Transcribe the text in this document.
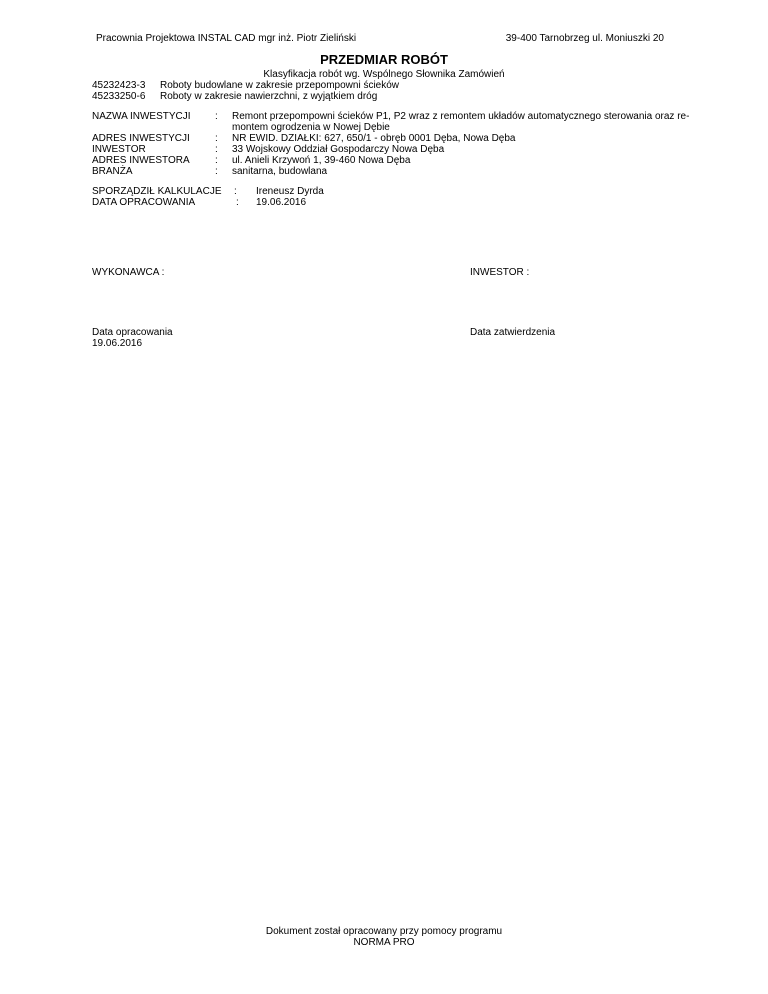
Pracownia Projektowa INSTAL CAD mgr inż. Piotr Zieliński	39-400 Tarnobrzeg ul. Moniuszki 20
PRZEDMIAR ROBÓT
Klasyfikacja robót wg. Wspólnego Słownika Zamówień
45232423-3 Roboty budowlane w zakresie przepompowni ścieków
45233250-6 Roboty w zakresie nawierzchni, z wyjątkiem dróg
NAZWA INWESTYCJI	: Remont przepompowni ścieków P1, P2 wraz z remontem układów automatycznego sterowania oraz re-montem ogrodzenia w Nowej Dębie
ADRES INWESTYCJI	: NR EWID. DZIAŁKI: 627, 650/1 - obręb 0001 Dęba, Nowa Dęba
INWESTOR	: 33 Wojskowy Oddział Gospodarczy Nowa Dęba
ADRES INWESTORA	: ul. Anieli Krzywoń 1, 39-460 Nowa Dęba
BRANŻA	: sanitarna, budowlana
SPORZĄDZIŁ KALKULACJE : Ireneusz Dyrda
DATA OPRACOWANIA	: 19.06.2016
WYKONAWCA :	INWESTOR :
Data opracowania
19.06.2016
Data zatwierdzenia
Dokument został opracowany przy pomocy programu
NORMA PRO
